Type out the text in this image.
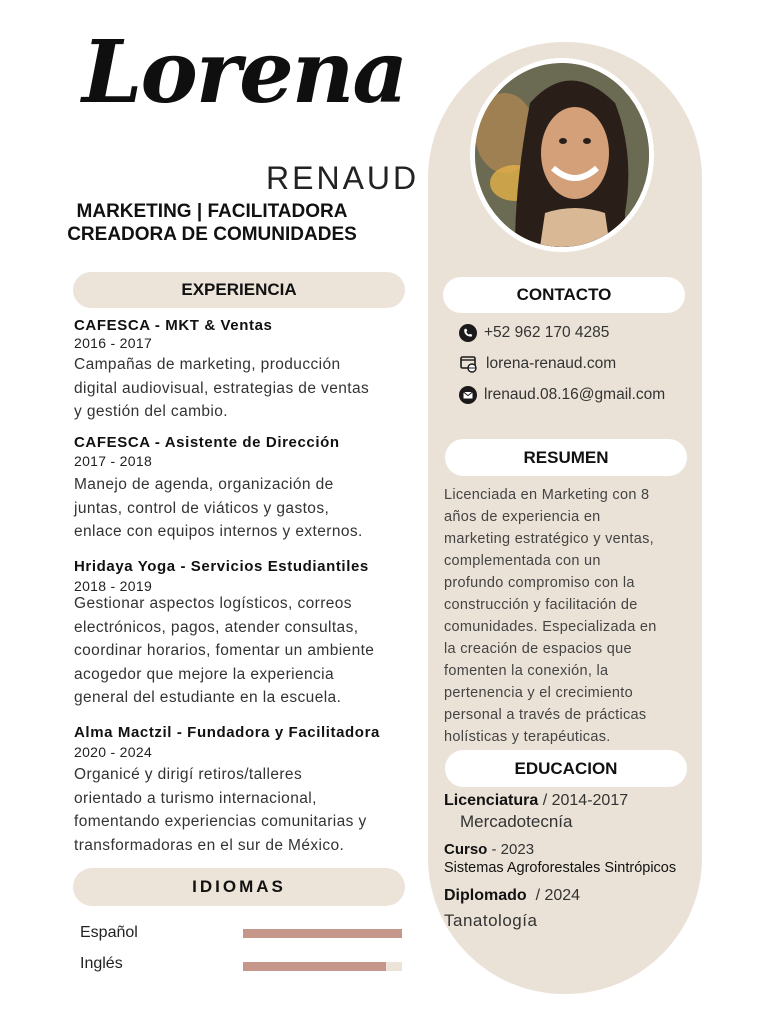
Lorena
RENAUD
MARKETING | FACILITADORA
CREADORA DE COMUNIDADES
EXPERIENCIA
CAFESCA - MKT & Ventas
2016 - 2017
Campañas de marketing, producción
digital audiovisual, estrategias de ventas
y gestión del cambio.
CAFESCA - Asistente de Dirección
2017 - 2018
Manejo de agenda, organización de
juntas, control de viáticos y gastos,
enlace con equipos internos y externos.
Hridaya Yoga - Servicios Estudiantiles
2018 - 2019
Gestionar aspectos logísticos, correos
electrónicos, pagos, atender consultas,
coordinar horarios, fomentar un ambiente
acogedor que mejore la experiencia
general del estudiante en la escuela.
Alma Mactzil - Fundadora y Facilitadora
2020 - 2024
Organicé y dirigí retiros/talleres
orientado a turismo internacional,
fomentando experiencias comunitarias y
transformadoras en el sur de México.
IDIOMAS
Español
Inglés
CONTACTO
+52 962 170 4285
lorena-renaud.com
lrenaud.08.16@gmail.com
RESUMEN
Licenciada en Marketing con 8
años de experiencia en
marketing estratégico y ventas,
complementada con un
profundo compromiso con la
construcción y facilitación de
comunidades. Especializada en
la creación de espacios que
fomenten la conexión, la
pertenencia y el crecimiento
personal a través de prácticas
holísticas y terapéuticas.
EDUCACION
Licenciatura / 2014-2017
Mercadotecnía
Curso - 2023
Sistemas Agroforestales Sintrópicos
Diplomado  / 2024
Tanatología
